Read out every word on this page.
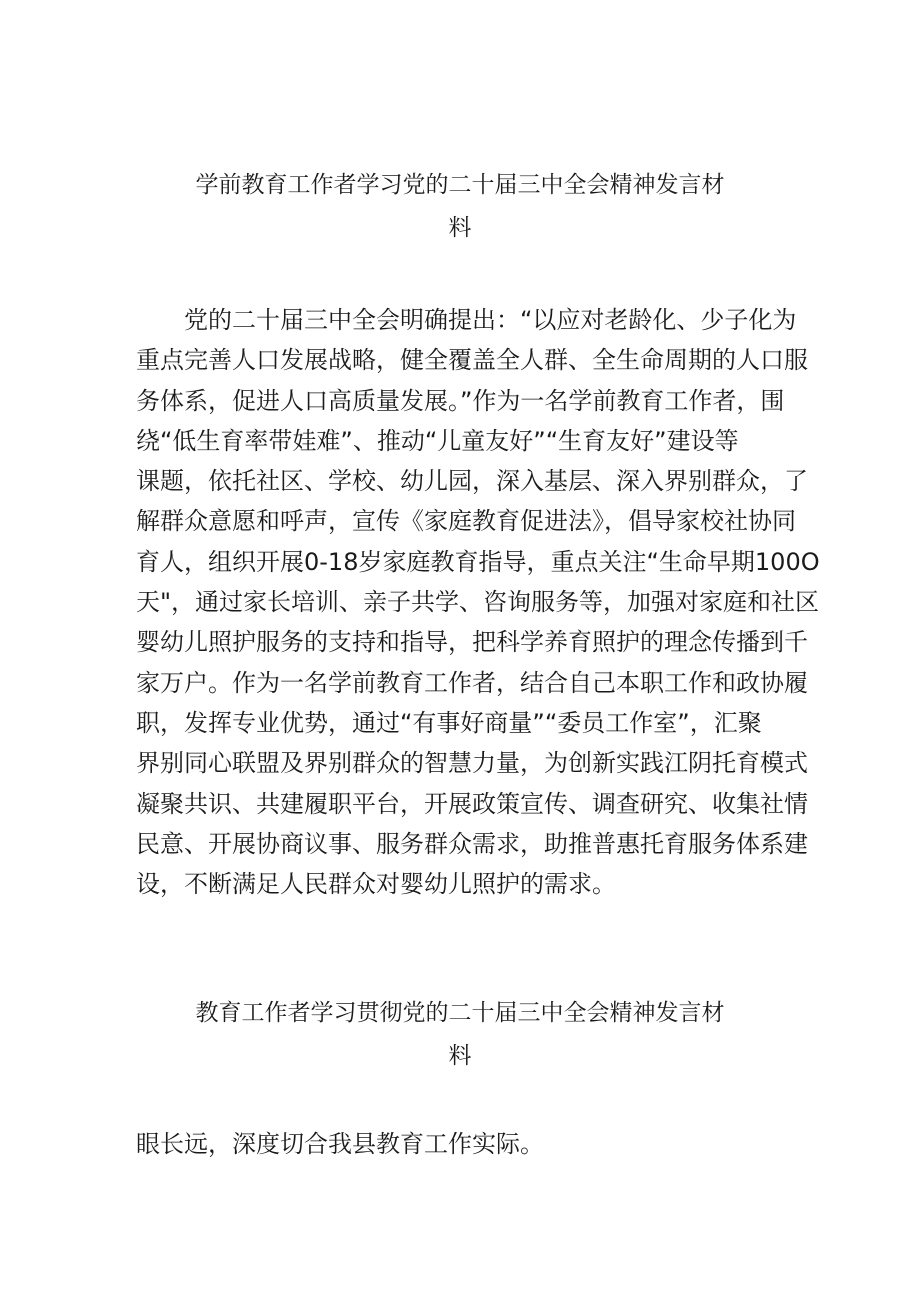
学前教育工作者学习党的二十届三中全会精神发言材
料
党的二十届三中全会明确提出：“以应对老龄化、少子化为
重点完善人口发展战略，健全覆盖全人群、全生命周期的人口服
务体系，促进人口高质量发展。”作为一名学前教育工作者，围
绕“低生育率带娃难”、推动“儿童友好”“生育友好”建设等
课题，依托社区、学校、幼儿园，深入基层、深入界别群众，了
解群众意愿和呼声，宣传《家庭教育促进法》，倡导家校社协同
育人，组织开展0-18岁家庭教育指导，重点关注“生命早期100O
天"，通过家长培训、亲子共学、咨询服务等，加强对家庭和社区
婴幼儿照护服务的支持和指导，把科学养育照护的理念传播到千
家万户。作为一名学前教育工作者，结合自己本职工作和政协履
职，发挥专业优势，通过“有事好商量”“委员工作室”，汇聚
界别同心联盟及界别群众的智慧力量，为创新实践江阴托育模式
凝聚共识、共建履职平台，开展政策宣传、调查研究、收集社情
民意、开展协商议事、服务群众需求，助推普惠托育服务体系建
设，不断满足人民群众对婴幼儿照护的需求。
教育工作者学习贯彻党的二十届三中全会精神发言材
料
眼长远，深度切合我县教育工作实际。
